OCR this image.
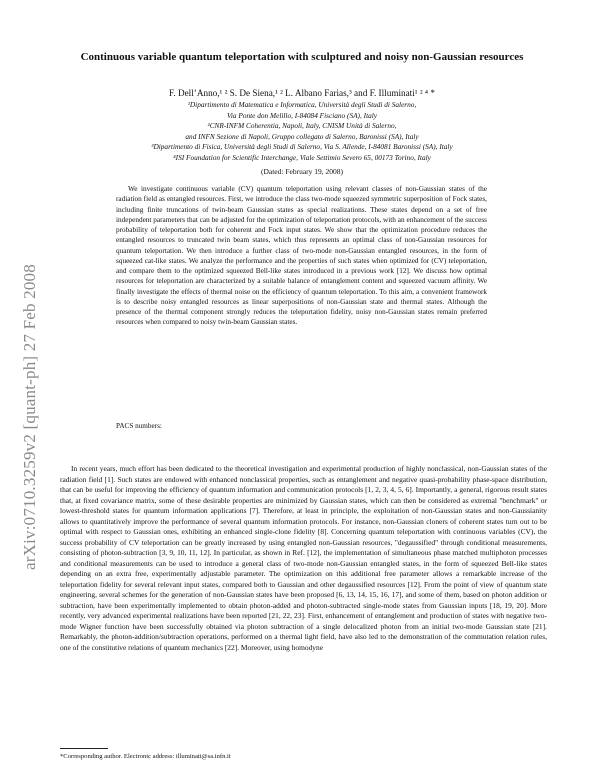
arXiv:0710.3259v2 [quant-ph] 27 Feb 2008
Continuous variable quantum teleportation with sculptured and noisy non-Gaussian resources
F. Dell’Anno,¹ ² S. De Siena,¹ ² L. Albano Farias,³ and F. Illuminati¹ ² ⁴ *
¹Dipartimento di Matematica e Informatica, Università degli Studi di Salerno,
Via Ponte don Melillo, I-84084 Fisciano (SA), Italy
²CNR-INFM Coherentia, Napoli, Italy, CNISM Unità di Salerno,
and INFN Sezione di Napoli, Gruppo collegato di Salerno, Baronissi (SA), Italy
³Dipartimento di Fisica, Università degli Studi di Salerno, Via S. Allende, I-84081 Baronissi (SA), Italy
⁴ISI Foundation for Scientific Interchange, Viale Settimio Severo 65, 00173 Torino, Italy
(Dated: February 19, 2008)
We investigate continuous variable (CV) quantum teleportation using relevant classes of non-Gaussian states of the radiation field as entangled resources. First, we introduce the class two-mode squeezed symmetric superposition of Fock states, including finite truncations of twin-beam Gaussian states as special realizations. These states depend on a set of free independent parameters that can be adjusted for the optimization of teleportation protocols, with an enhancement of the success probability of teleportation both for coherent and Fock input states. We show that the optimization procedure reduces the entangled resources to truncated twin beam states, which thus represents an optimal class of non-Gaussian resources for quantum teleportation. We then introduce a further class of two-mode non-Gaussian entangled resources, in the form of squeezed cat-like states. We analyze the performance and the properties of such states when optimized for (CV) teleportation, and compare them to the optimized squeezed Bell-like states introduced in a previous work [12]. We discuss how optimal resources for teleportation are characterized by a suitable balance of entanglement content and squeezed vacuum affinity. We finally investigate the effects of thermal noise on the efficiency of quantum teleportation. To this aim, a convenient framework is to describe noisy entangled resources as linear superpositions of non-Gaussian state and thermal states. Although the presence of the thermal component strongly reduces the teleportation fidelity, noisy non-Gaussian states remain preferred resources when compared to noisy twin-beam Gaussian states.
PACS numbers:
In recent years, much effort has been dedicated to the theoretical investigation and experimental production of highly nonclassical, non-Gaussian states of the radiation field [1]. Such states are endowed with enhanced nonclassical properties, such as entanglement and negative quasi-probability phase-space distribution, that can be useful for improving the efficiency of quantum information and communication protocols [1, 2, 3, 4, 5, 6]. Importantly, a general, rigorous result states that, at fixed covariance matrix, some of these desirable properties are minimized by Gaussian states, which can then be considered as extremal "benchmark" or lowest-threshold states for quantum information applications [7]. Therefore, at least in principle, the exploitation of non-Gaussian states and non-Gaussianity allows to quantitatively improve the performance of several quantum information protocols. For instance, non-Gaussian cloners of coherent states turn out to be optimal with respect to Gaussian ones, exhibiting an enhanced single-clone fidelity [8]. Concerning quantum teleportation with continuous variables (CV), the success probability of CV teleportation can be greatly increased by using entangled non-Gaussian resources, "degaussified" through conditional measurements, consisting of photon-subtraction [3, 9, 10, 11, 12]. In particular, as shown in Ref. [12], the implementation of simultaneous phase matched multiphoton processes and conditional measurements can be used to introduce a general class of two-mode non-Gaussian entangled states, in the form of squeezed Bell-like states depending on an extra free, experimentally adjustable parameter. The optimization on this additional free parameter allows a remarkable increase of the teleportation fidelity for several relevant input states, compared both to Gaussian and other degaussified resources [12]. From the point of view of quantum state engineering, several schemes for the generation of non-Gaussian states have been proposed [6, 13, 14, 15, 16, 17], and some of them, based on photon addition or subtraction, have been experimentally implemented to obtain photon-added and photon-subtracted single-mode states from Gaussian inputs [18, 19, 20]. More recently, very advanced experimental realizations have been reported [21, 22, 23]. First, enhancement of entanglement and production of states with negative two-mode Wigner function have been successfully obtained via photon subtraction of a single delocalized photon from an initial two-mode Gaussian state [21]. Remarkably, the photon-addition/subtraction operations, performed on a thermal light field, have also led to the demonstration of the commutation relation rules, one of the constitutive relations of quantum mechanics [22]. Moreover, using homodyne
*Corresponding author. Electronic address: illuminati@sa.infn.it
